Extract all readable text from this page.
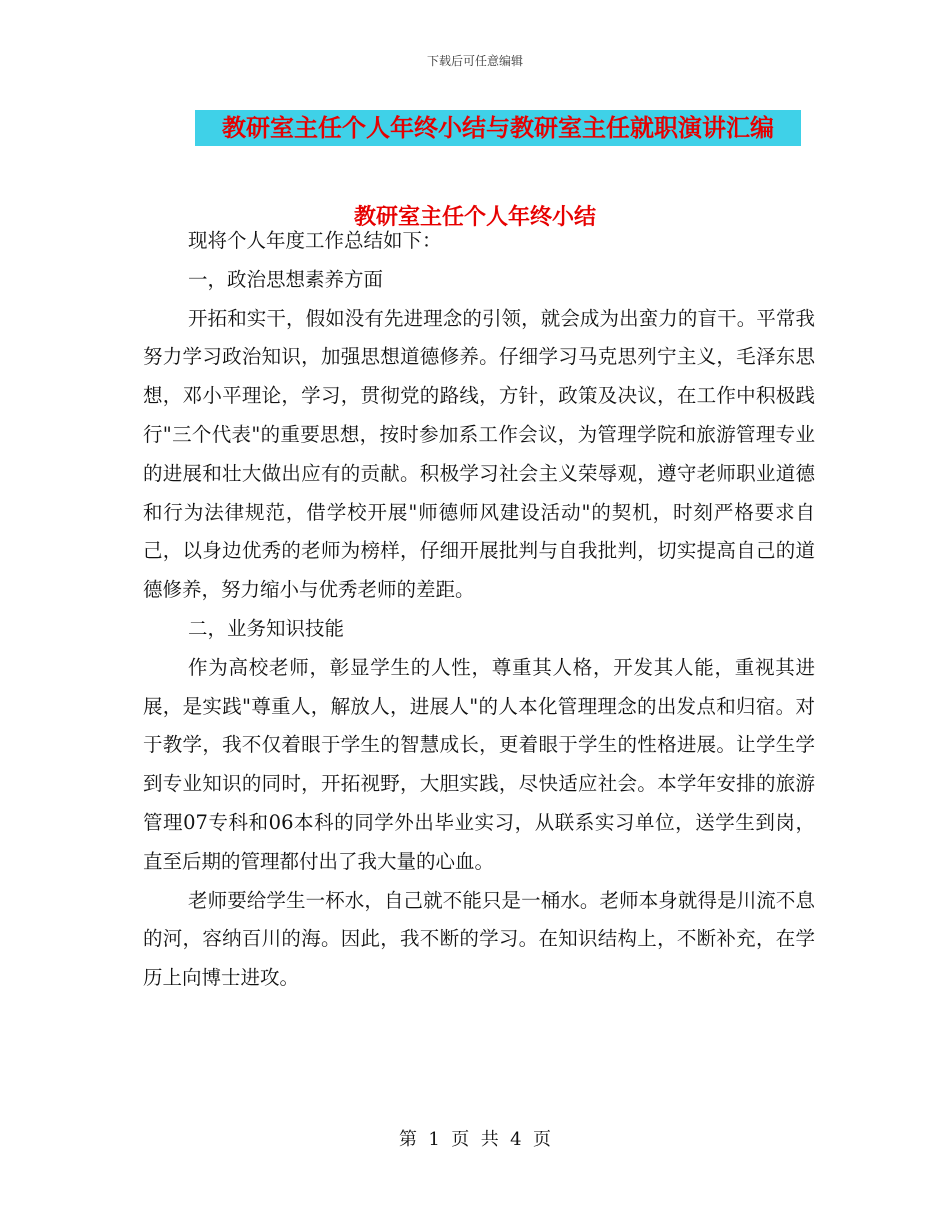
下载后可任意编辑
教研室主任个人年终小结与教研室主任就职演讲汇编
教研室主任个人年终小结

现将个人年度工作总结如下：

一，政治思想素养方面

开拓和实干，假如没有先进理念的引领，就会成为出蛮力的盲干。平常我努力学习政治知识，加强思想道德修养。仔细学习马克思列宁主义，毛泽东思想，邓小平理论，学习，贯彻党的路线，方针，政策及决议，在工作中积极践行"三个代表"的重要思想，按时参加系工作会议，为管理学院和旅游管理专业的进展和壮大做出应有的贡献。积极学习社会主义荣辱观，遵守老师职业道德和行为法律规范，借学校开展"师德师风建设活动"的契机，时刻严格要求自己，以身边优秀的老师为榜样，仔细开展批判与自我批判，切实提高自己的道德修养，努力缩小与优秀老师的差距。

二，业务知识技能

作为高校老师，彰显学生的人性，尊重其人格，开发其人能，重视其进展，是实践"尊重人，解放人，进展人"的人本化管理理念的出发点和归宿。对于教学，我不仅着眼于学生的智慧成长，更着眼于学生的性格进展。让学生学到专业知识的同时，开拓视野，大胆实践，尽快适应社会。本学年安排的旅游管理07专科和06本科的同学外出毕业实习，从联系实习单位，送学生到岗，直至后期的管理都付出了我大量的心血。

老师要给学生一杯水，自己就不能只是一桶水。老师本身就得是川流不息的河，容纳百川的海。因此，我不断的学习。在知识结构上，不断补充，在学历上向博士进攻。

第  1  页  共  4  页
